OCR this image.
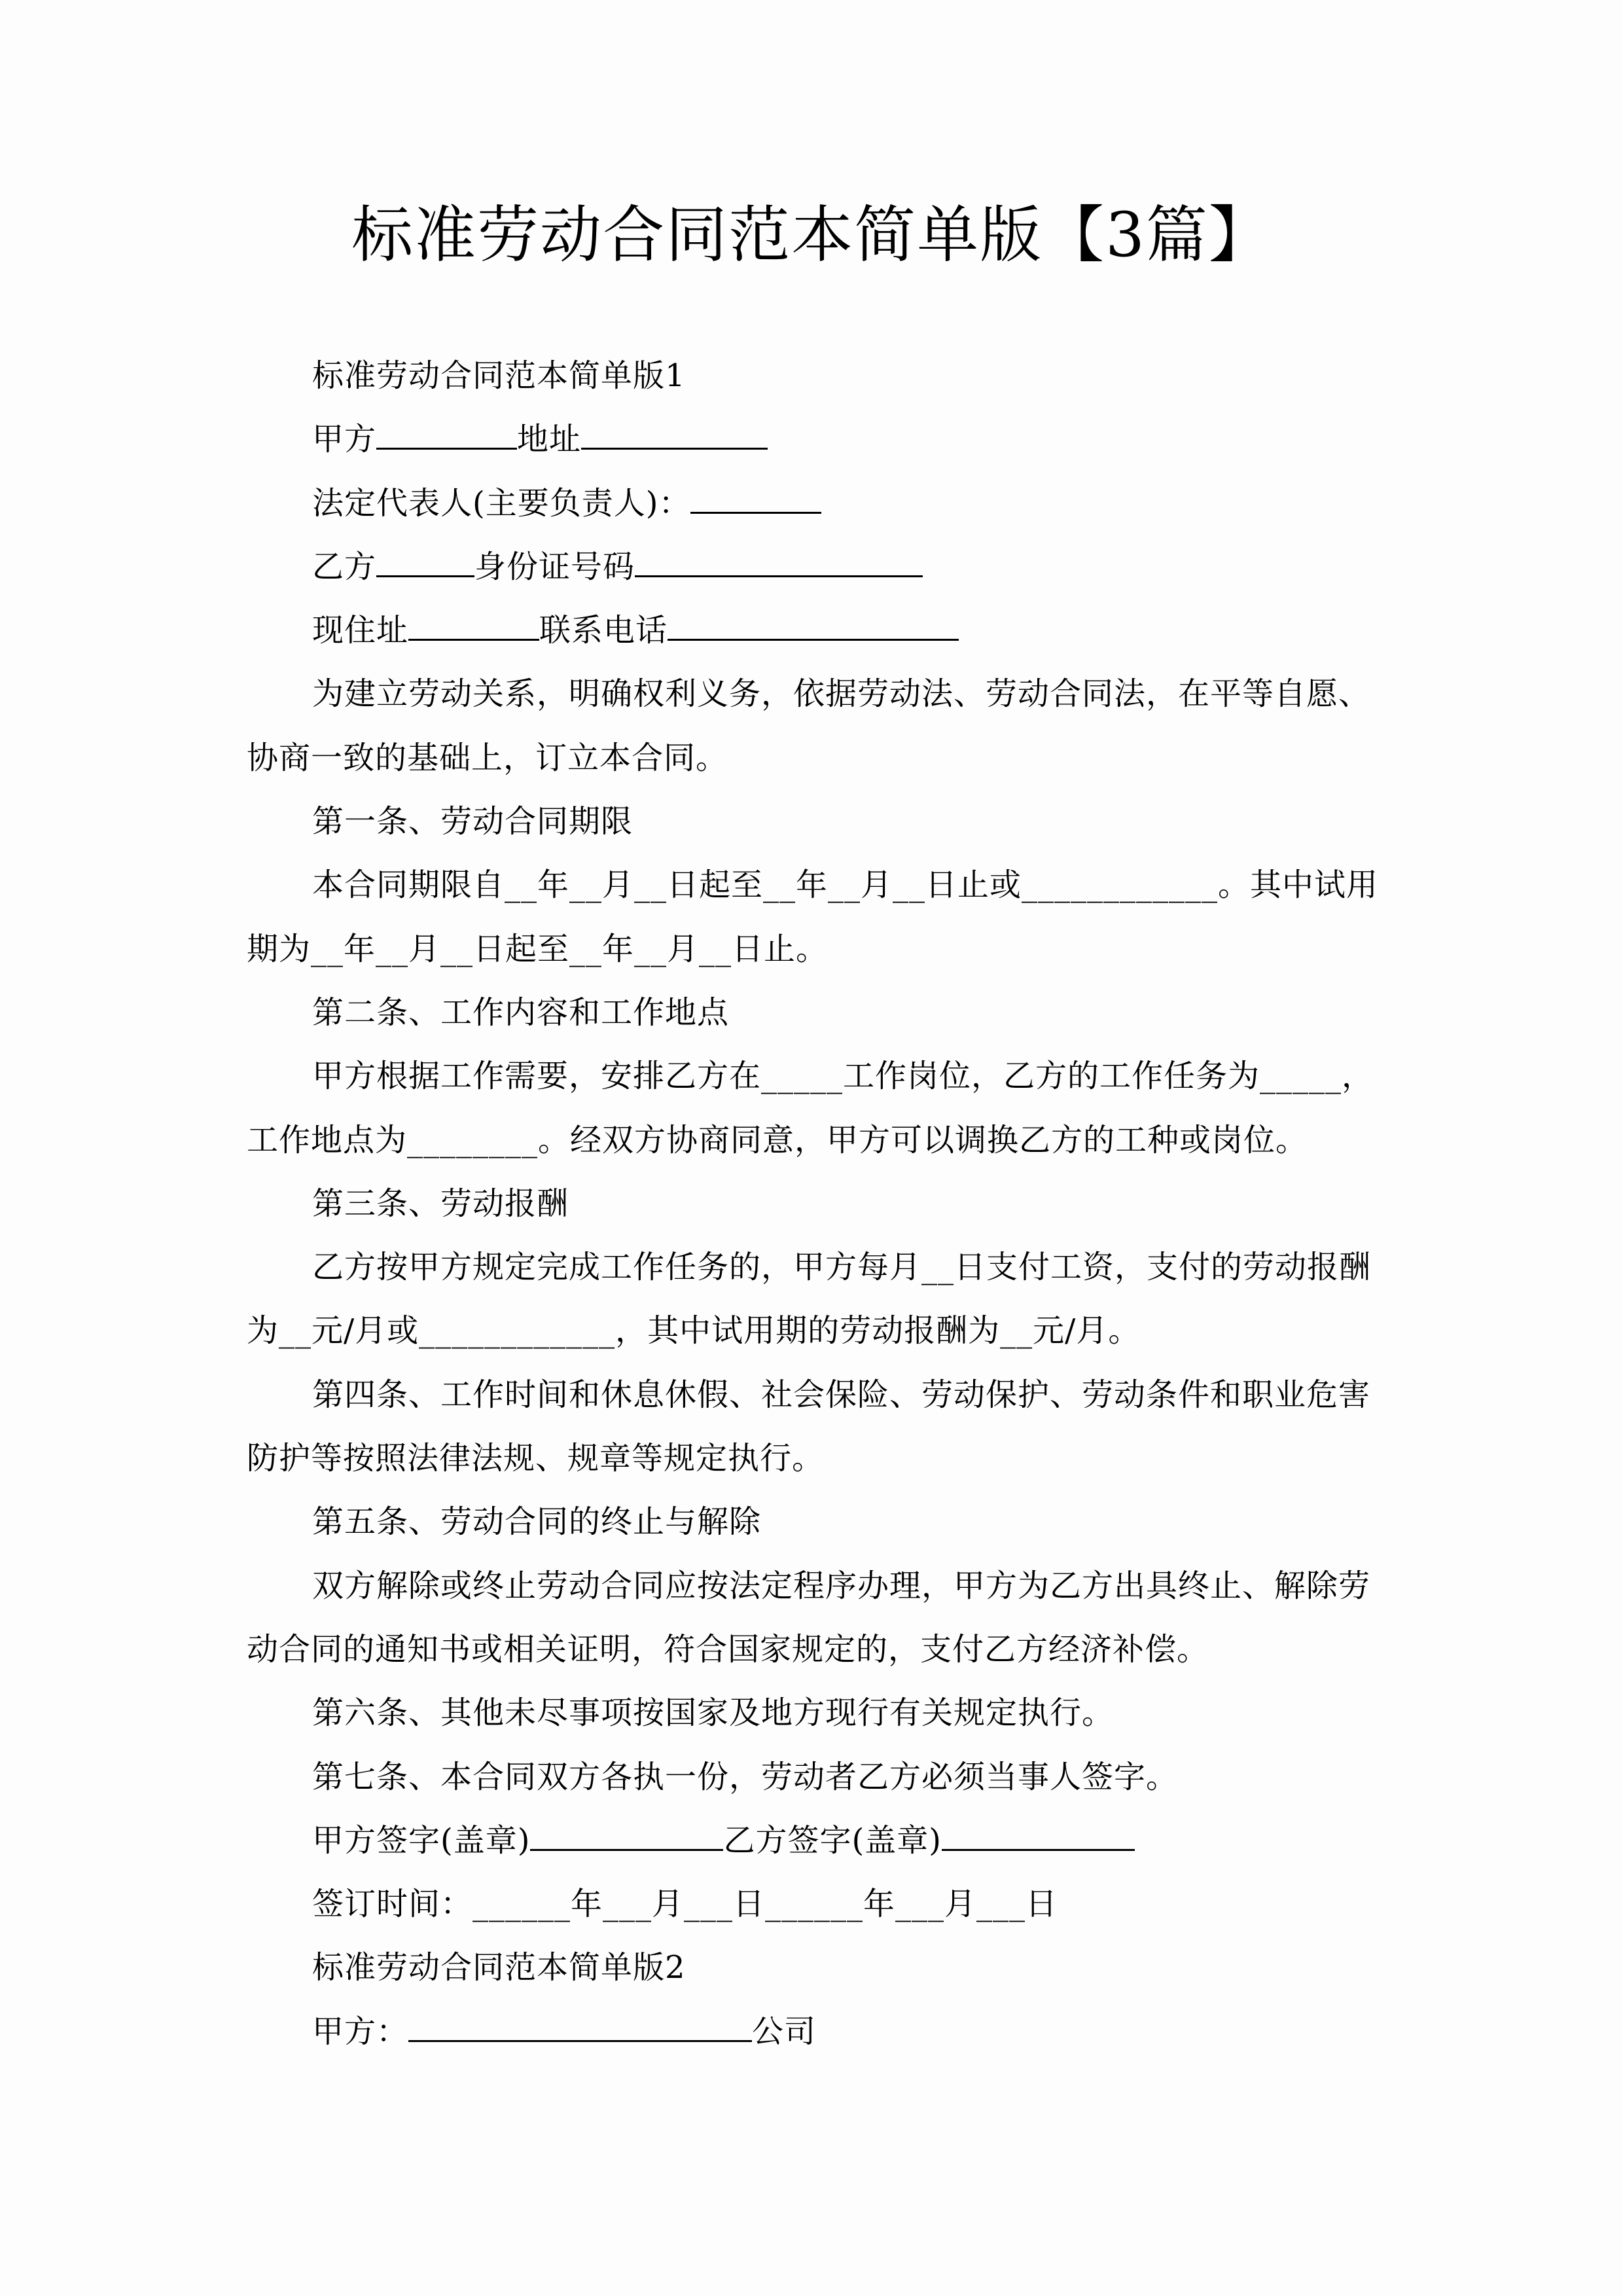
标准劳动合同范本简单版【3篇】

标准劳动合同范本简单版1

甲方	地址

法定代表人(主要负责人)：

乙方	身份证号码

现住址	联系电话

为建立劳动关系，明确权利义务，依据劳动法、劳动合同法，在平等自愿、
协商一致的基础上，订立本合同。

第一条、劳动合同期限

本合同期限自__年__月__日起至__年__月__日止或____________。其中试用
期为__年__月__日起至__年__月__日止。

第二条、工作内容和工作地点

甲方根据工作需要，安排乙方在_____工作岗位，乙方的工作任务为_____，
工作地点为________。经双方协商同意，甲方可以调换乙方的工种或岗位。

第三条、劳动报酬

乙方按甲方规定完成工作任务的，甲方每月__日支付工资，支付的劳动报酬
为__元/月或____________，其中试用期的劳动报酬为__元/月。

第四条、工作时间和休息休假、社会保险、劳动保护、劳动条件和职业危害
防护等按照法律法规、规章等规定执行。

第五条、劳动合同的终止与解除

双方解除或终止劳动合同应按法定程序办理，甲方为乙方出具终止、解除劳
动合同的通知书或相关证明，符合国家规定的，支付乙方经济补偿。

第六条、其他未尽事项按国家及地方现行有关规定执行。

第七条、本合同双方各执一份，劳动者乙方必须当事人签字。

甲方签字(盖章)	乙方签字(盖章)

签订时间：______年___月___日______年___月___日

标准劳动合同范本简单版2

甲方：	公司
